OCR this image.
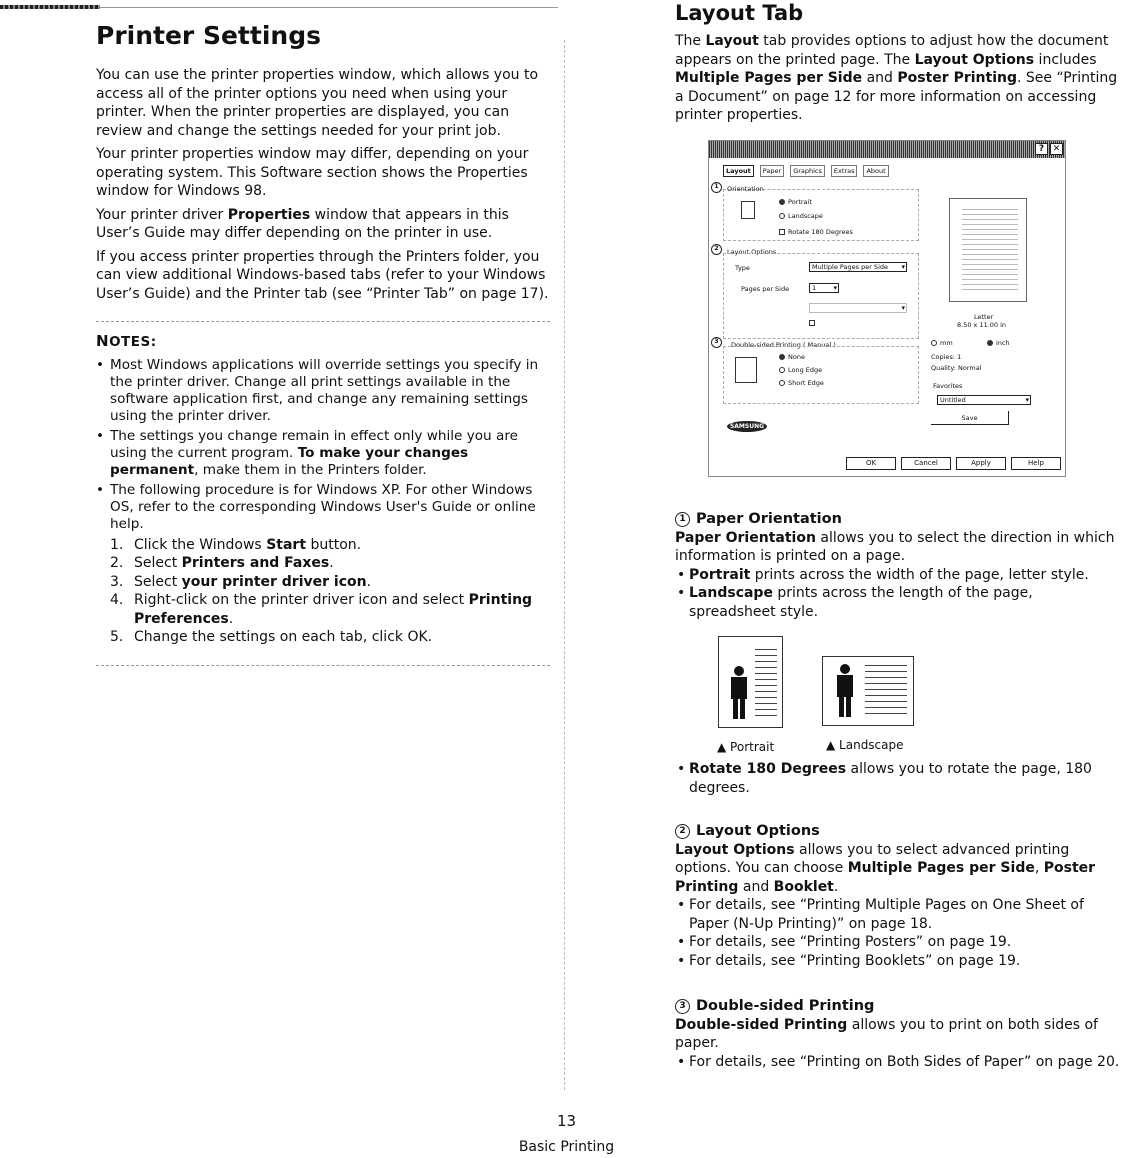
Printer Settings

You can use the printer properties window, which allows you to access all of the printer options you need when using your printer. When the printer properties are displayed, you can review and change the settings needed for your print job.

Your printer properties window may differ, depending on your operating system. This Software section shows the Properties window for Windows 98.

Your printer driver Properties window that appears in this User’s Guide may differ depending on the printer in use.

If you access printer properties through the Printers folder, you can view additional Windows-based tabs (refer to your Windows User’s Guide) and the Printer tab (see “Printer Tab” on page 17).

NOTES:
• Most Windows applications will override settings you specify in the printer driver. Change all print settings available in the software application first, and change any remaining settings using the printer driver.
• The settings you change remain in effect only while you are using the current program. To make your changes permanent, make them in the Printers folder.
• The following procedure is for Windows XP. For other Windows OS, refer to the corresponding Windows User's Guide or online help.
1. Click the Windows Start button.
2. Select Printers and Faxes.
3. Select your printer driver icon.
4. Right-click on the printer driver icon and select Printing Preferences.
5. Change the settings on each tab, click OK.
Layout Tab

The Layout tab provides options to adjust how the document appears on the printed page. The Layout Options includes Multiple Pages per Side and Poster Printing. See “Printing a Document” on page 12 for more information on accessing printer properties.

? ✕
Layout	Paper	Graphics	Extras	About
1	Orientation
Portrait
Landscape
Rotate 180 Degrees
2	Layout Options
Type	Multiple Pages per Side ▾
Pages per Side	1 ▾
▾
3	Double-sided Printing ( Manual )
None
Long Edge
Short Edge
Letter
8.50 x 11.00 in
mm	inch
Copies: 1
Quality: Normal
Favorites
Untitled ▾
Save
SAMSUNG
OK	Cancel	Apply	Help
1 Paper Orientation

Paper Orientation allows you to select the direction in which information is printed on a page.

• Portrait prints across the width of the page, letter style.
• Landscape prints across the length of the page, spreadsheet style.
▲ Portrait	▲ Landscape
• Rotate 180 Degrees allows you to rotate the page, 180 degrees.
2 Layout Options

Layout Options allows you to select advanced printing options. You can choose Multiple Pages per Side, Poster Printing and Booklet.

• For details, see “Printing Multiple Pages on One Sheet of Paper (N-Up Printing)” on page 18.
• For details, see “Printing Posters” on page 19.
• For details, see “Printing Booklets” on page 19.
3 Double-sided Printing

Double-sided Printing allows you to print on both sides of paper.

• For details, see “Printing on Both Sides of Paper” on page 20.
13
Basic Printing
